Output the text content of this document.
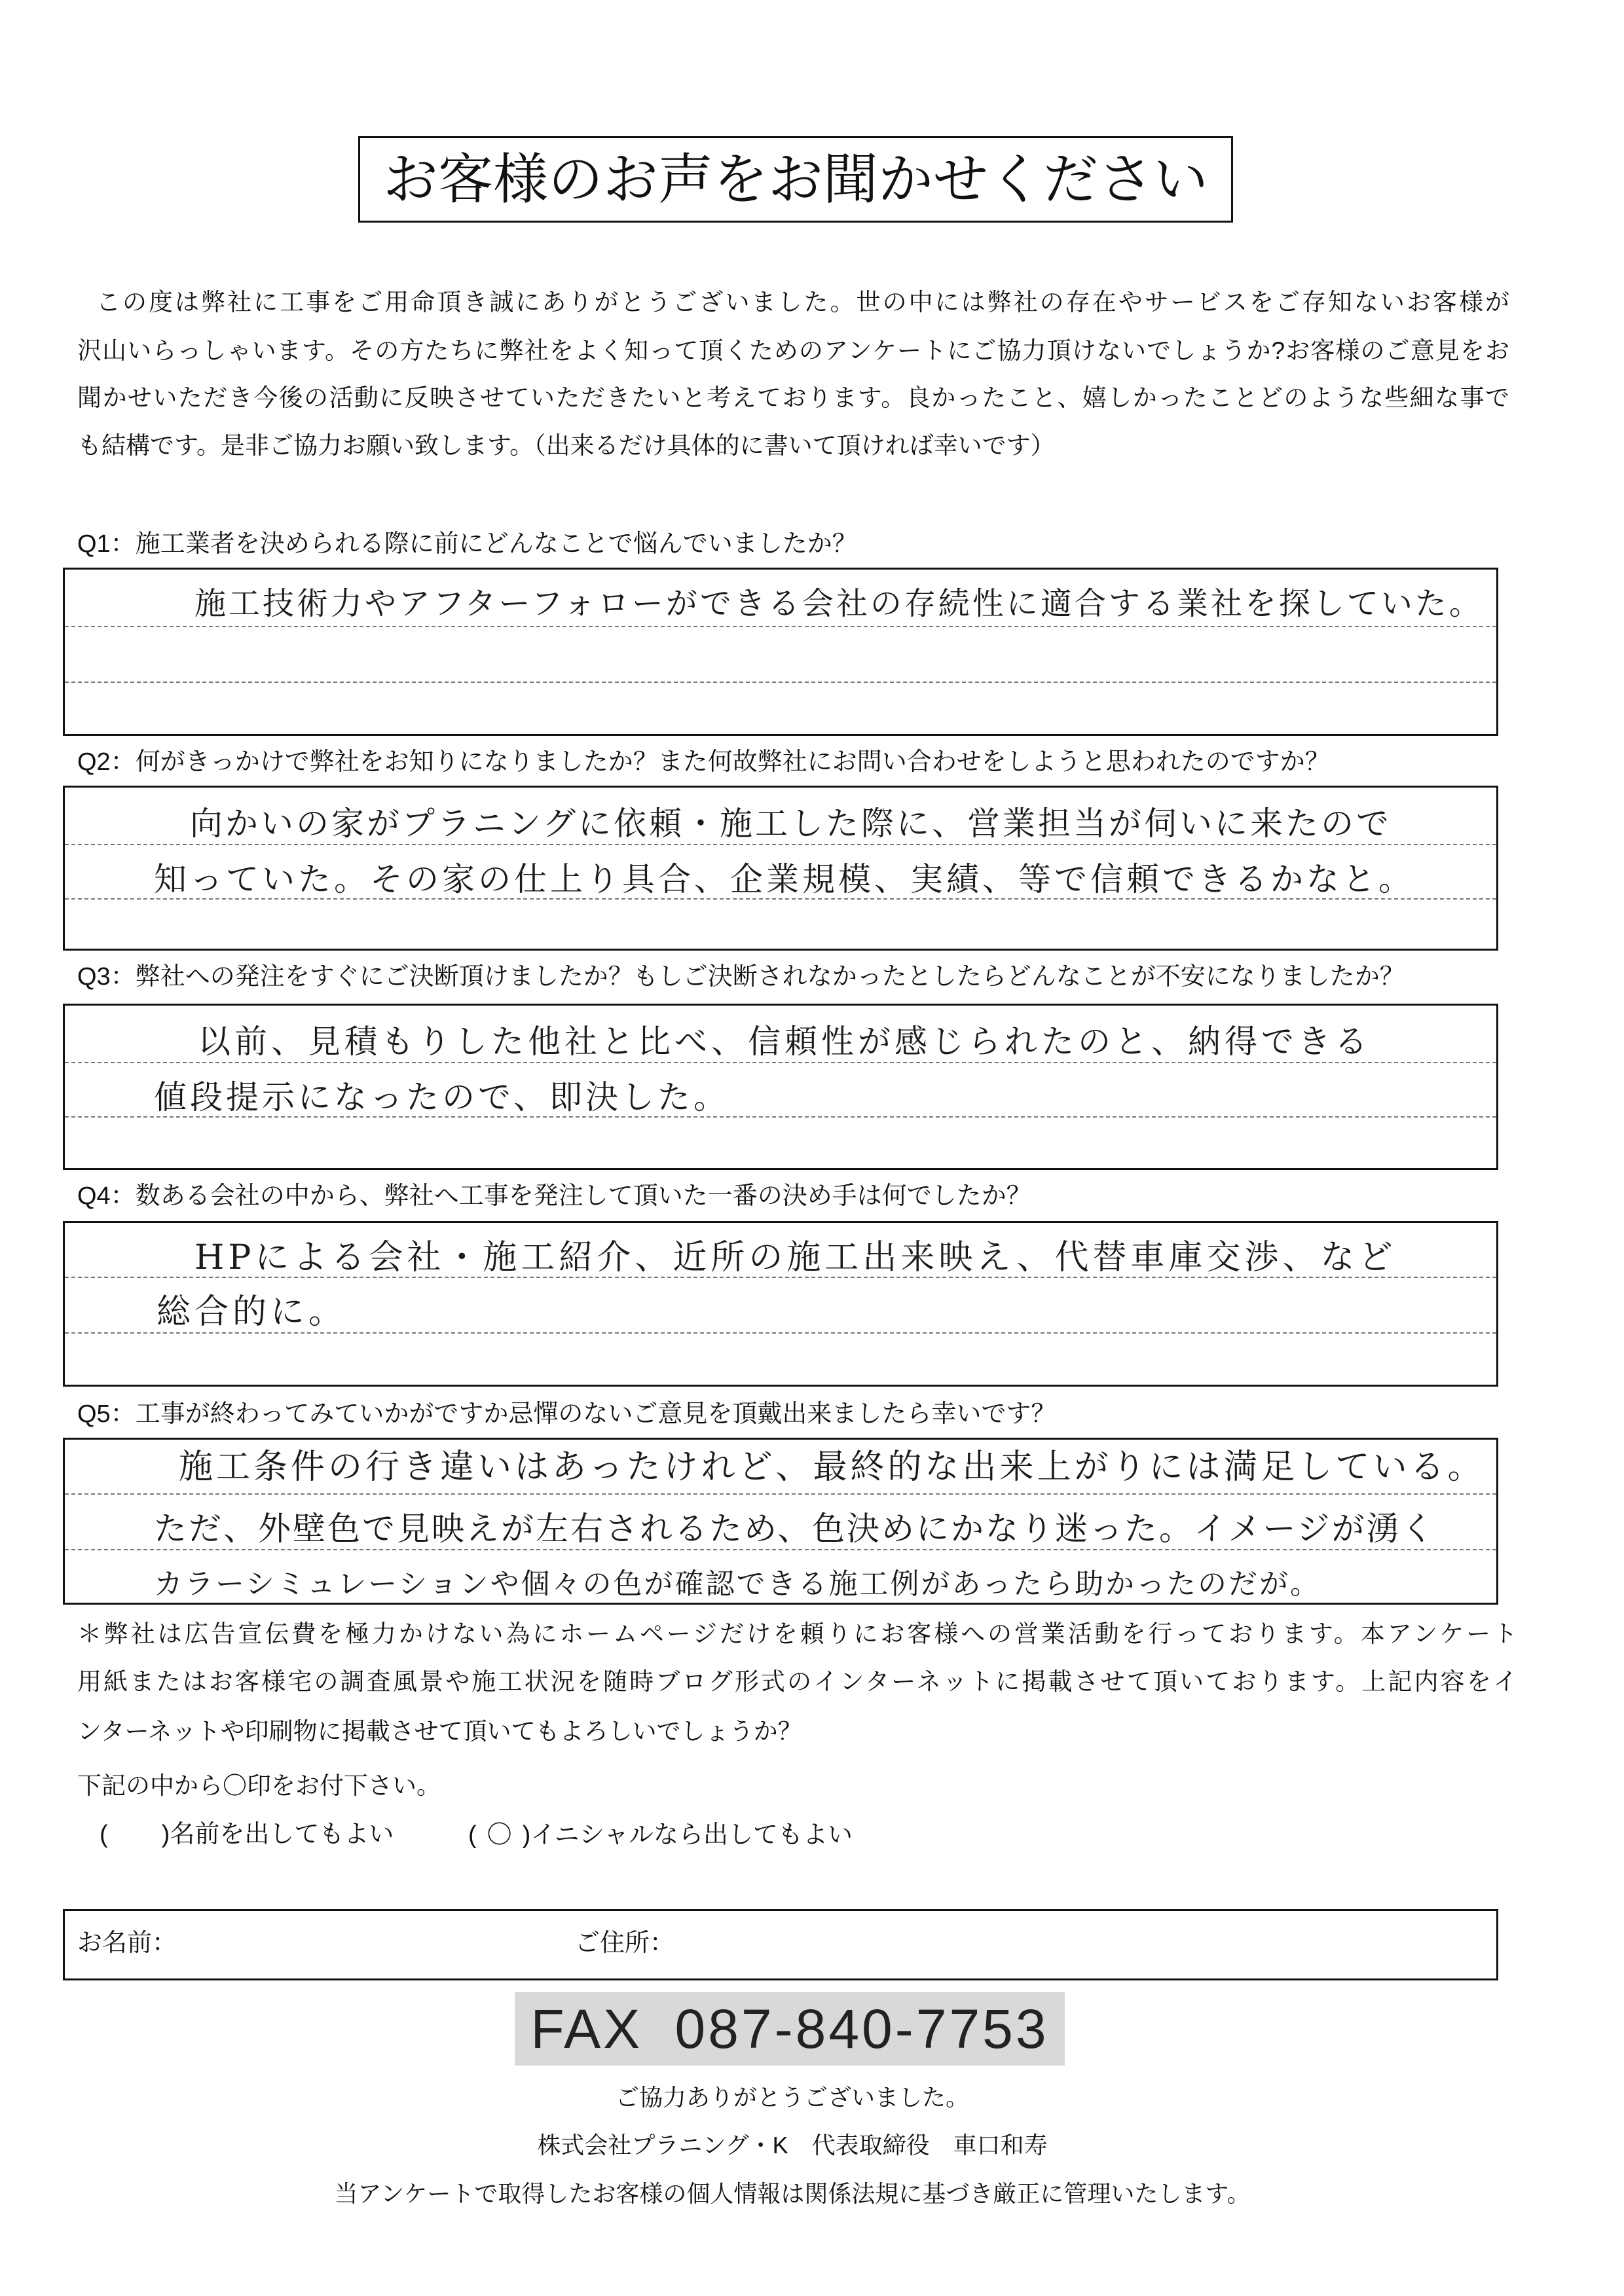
お客様のお声をお聞かせください
この度は弊社に工事をご用命頂き誠にありがとうございました。世の中には弊社の存在やサービスをご存知ないお客様が
沢山いらっしゃいます。その方たちに弊社をよく知って頂くためのアンケートにご協力頂けないでしょうか?お客様のご意見をお
聞かせいただき今後の活動に反映させていただきたいと考えております。良かったこと、嬉しかったことどのような些細な事で
も結構です。是非ご協力お願い致します。（出来るだけ具体的に書いて頂ければ幸いです）
Q1：施工業者を決められる際に前にどんなことで悩んでいましたか？
施工技術力やアフターフォローができる会社の存続性に適合する業社を探していた。
Q2：何がきっかけで弊社をお知りになりましたか？また何故弊社にお問い合わせをしようと思われたのですか？
向かいの家がプラニングに依頼・施工した際に、営業担当が伺いに来たので
知っていた。その家の仕上り具合、企業規模、実績、等で信頼できるかなと。
Q3：弊社への発注をすぐにご決断頂けましたか？もしご決断されなかったとしたらどんなことが不安になりましたか？
以前、見積もりした他社と比べ、信頼性が感じられたのと、納得できる
値段提示になったので、即決した。
Q4：数ある会社の中から、弊社へ工事を発注して頂いた一番の決め手は何でしたか？
HPによる会社・施工紹介、近所の施工出来映え、代替車庫交渉、など
総合的に。
Q5：工事が終わってみていかがですか忌憚のないご意見を頂戴出来ましたら幸いです？
施工条件の行き違いはあったけれど、最終的な出来上がりには満足している。
ただ、外壁色で見映えが左右されるため、色決めにかなり迷った。イメージが湧く
カラーシミュレーションや個々の色が確認できる施工例があったら助かったのだが。
＊弊社は広告宣伝費を極力かけない為にホームページだけを頼りにお客様への営業活動を行っております。本アンケート
用紙またはお客様宅の調査風景や施工状況を随時ブログ形式のインターネットに掲載させて頂いております。上記内容をイ
ンターネットや印刷物に掲載させて頂いてもよろしいでしょうか？
下記の中から〇印をお付下さい。
( )名前を出してもよい	( 〇 )イニシャルなら出してもよい
お名前：	ご住所：
FAX 087-840-7753
ご協力ありがとうございました。
株式会社プラニング・K　代表取締役　車口和寿
当アンケートで取得したお客様の個人情報は関係法規に基づき厳正に管理いたします。
